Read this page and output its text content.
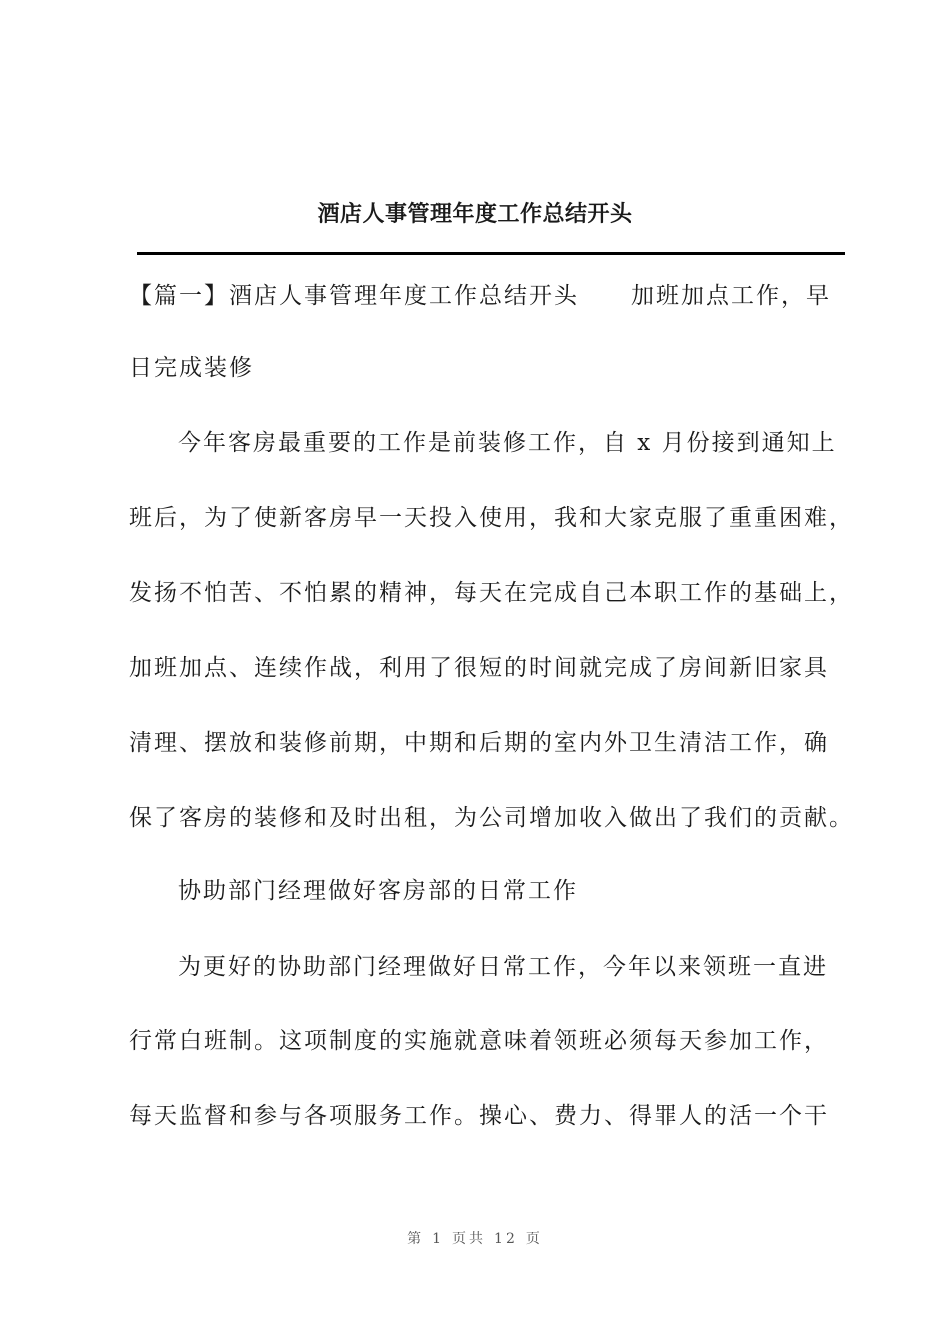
酒店人事管理年度工作总结开头
【篇一】酒店人事管理年度工作总结开头 加班加点工作，早
日完成装修
今年客房最重要的工作是前装修工作，自 x 月份接到通知上
班后，为了使新客房早一天投入使用，我和大家克服了重重困难，
发扬不怕苦、不怕累的精神，每天在完成自己本职工作的基础上，
加班加点、连续作战，利用了很短的时间就完成了房间新旧家具
清理、摆放和装修前期，中期和后期的室内外卫生清洁工作，确
保了客房的装修和及时出租，为公司增加收入做出了我们的贡献。
协助部门经理做好客房部的日常工作
为更好的协助部门经理做好日常工作，今年以来领班一直进
行常白班制。这项制度的实施就意味着领班必须每天参加工作，
每天监督和参与各项服务工作。操心、费力、得罪人的活一个干
第 1 页共 12 页
